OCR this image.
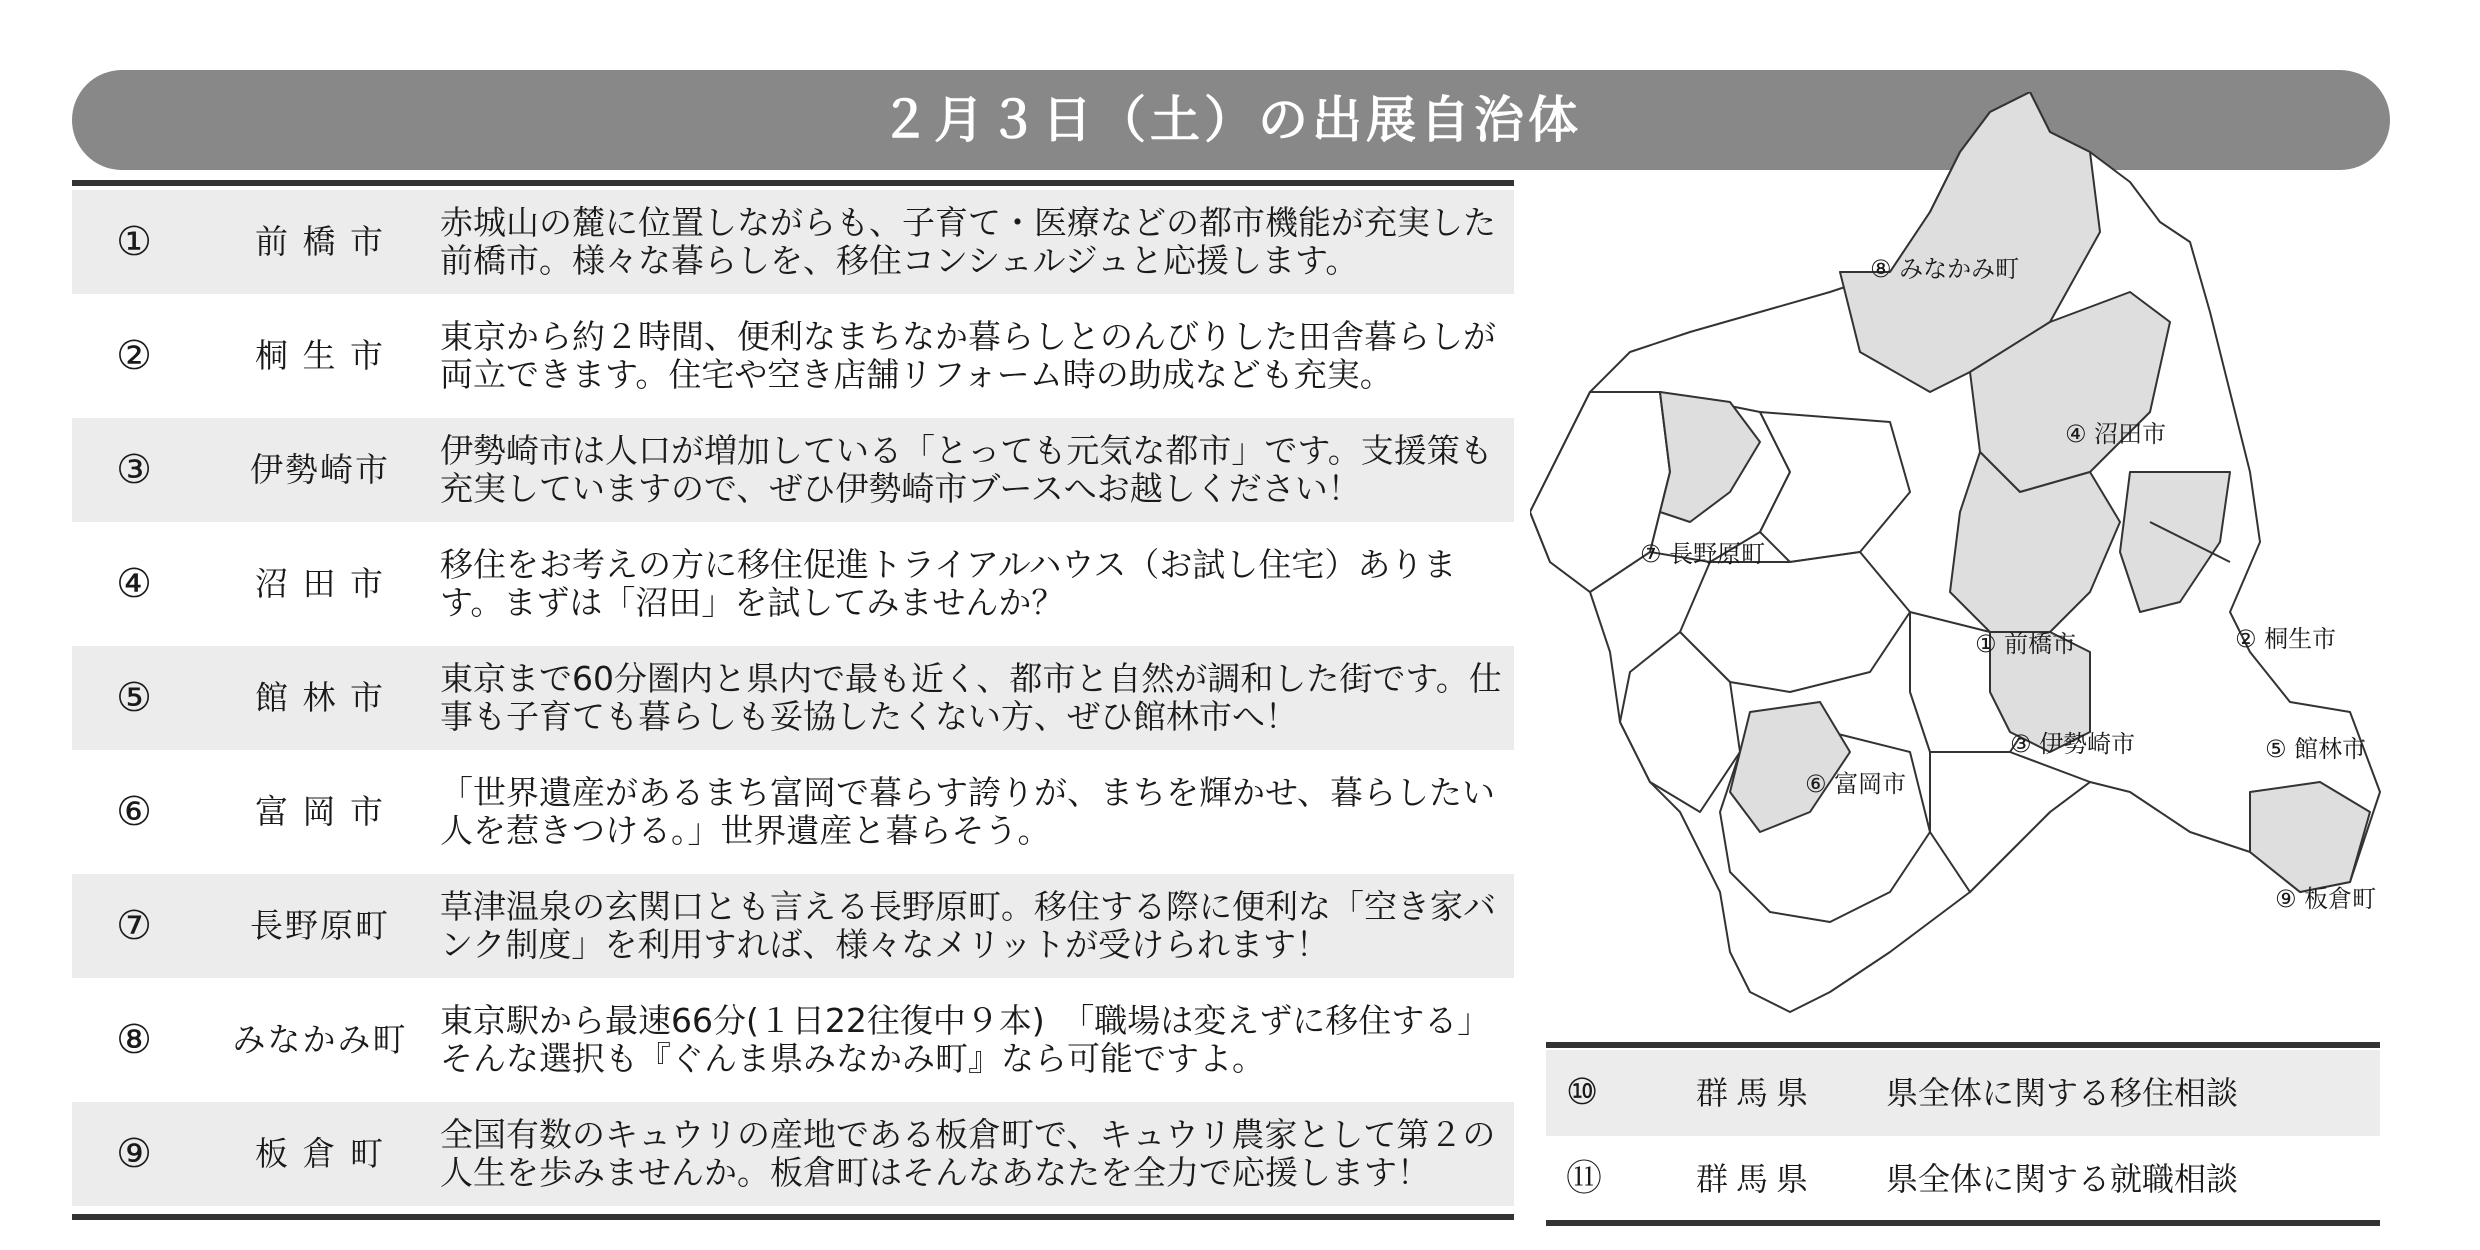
２月３日（土）の出展自治体
①	前 橋 市	赤城山の麓に位置しながらも、子育て・医療などの都市機能が充実した前橋市。様々な暮らしを、移住コンシェルジュと応援します。
②	桐 生 市	東京から約２時間、便利なまちなか暮らしとのんびりした田舎暮らしが両立できます。住宅や空き店舗リフォーム時の助成なども充実。
③	伊勢崎市	伊勢崎市は人口が増加している「とっても元気な都市」です。支援策も充実していますので、ぜひ伊勢崎市ブースへお越しください！
④	沼 田 市	移住をお考えの方に移住促進トライアルハウス（お試し住宅）あります。まずは「沼田」を試してみませんか？
⑤	館 林 市	東京まで60分圏内と県内で最も近く、都市と自然が調和した街です。仕事も子育ても暮らしも妥協したくない方、ぜひ館林市へ！
⑥	富 岡 市	「世界遺産があるまち富岡で暮らす誇りが、まちを輝かせ、暮らしたい人を惹きつける。」世界遺産と暮らそう。
⑦	長野原町	草津温泉の玄関口とも言える長野原町。移住する際に便利な「空き家バンク制度」を利用すれば、様々なメリットが受けられます！
⑧	みなかみ町 東京駅から最速66分(１日22往復中９本)　「職場は変えずに移住する」そんな選択も『ぐんま県みなかみ町』なら可能ですよ。
⑨	板 倉 町	全国有数のキュウリの産地である板倉町で、キュウリ農家として第２の人生を歩みませんか。板倉町はそんなあなたを全力で応援します！
⑧ みなかみ町
④ 沼田市
⑦ 長野原町
① 前橋市	② 桐生市
③ 伊勢崎市
⑥ 富岡市
⑤ 館林市
⑨ 板倉町
⑩	群馬県	県全体に関する移住相談
⑪	群馬県	県全体に関する就職相談
